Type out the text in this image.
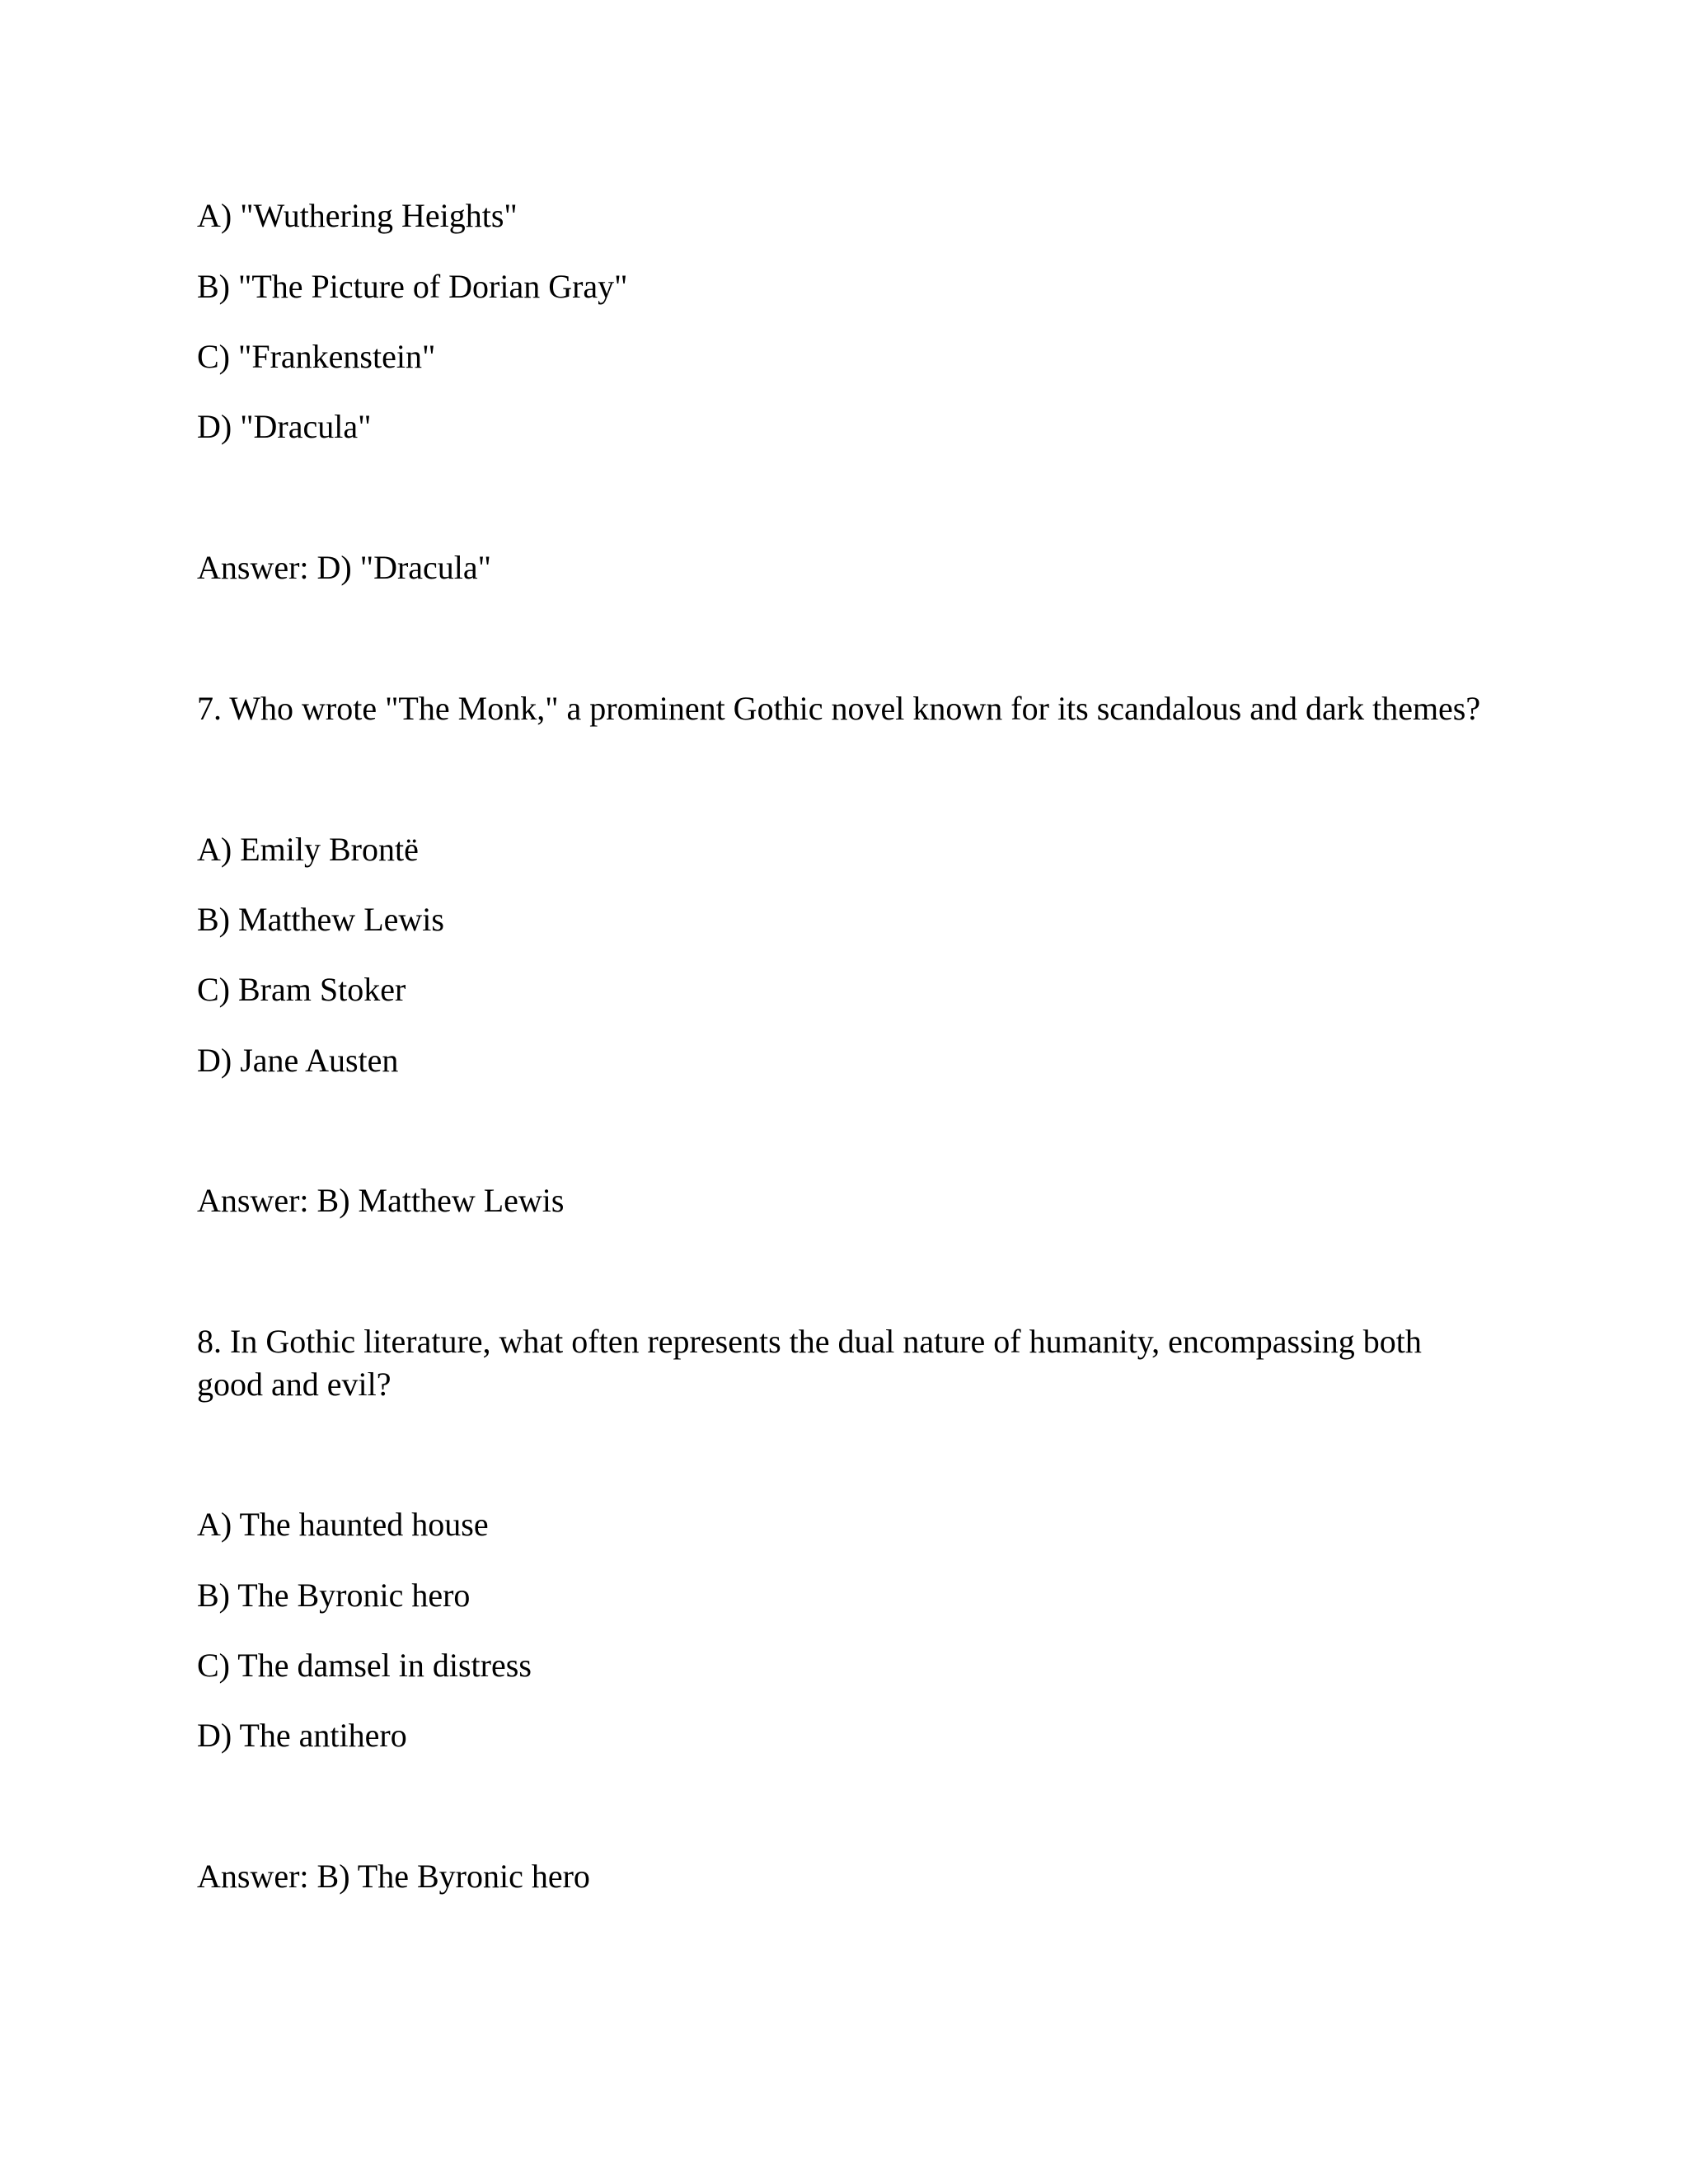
A) "Wuthering Heights"
B) "The Picture of Dorian Gray"
C) "Frankenstein"
D) "Dracula"
Answer: D) "Dracula"
7. Who wrote "The Monk," a prominent Gothic novel known for its scandalous and dark themes?
A) Emily Brontë
B) Matthew Lewis
C) Bram Stoker
D) Jane Austen
Answer: B) Matthew Lewis
8. In Gothic literature, what often represents the dual nature of humanity, encompassing both good and evil?
A) The haunted house
B) The Byronic hero
C) The damsel in distress
D) The antihero
Answer: B) The Byronic hero
